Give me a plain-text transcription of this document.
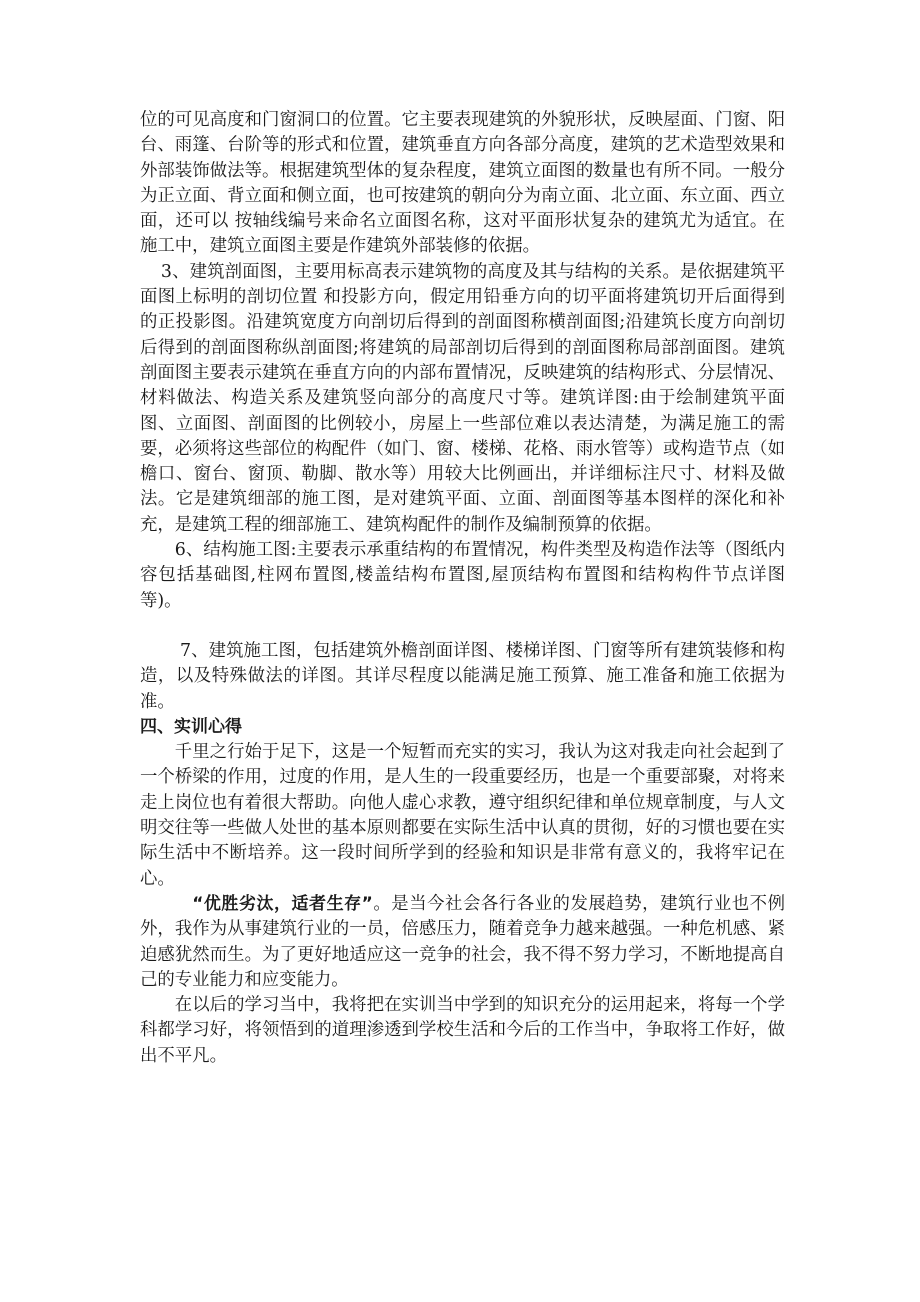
位的可见高度和门窗洞口的位置。它主要表现建筑的外貌形状，反映屋面、门窗、阳台、雨篷、台阶等的形式和位置，建筑垂直方向各部分高度，建筑的艺术造型效果和外部装饰做法等。根据建筑型体的复杂程度，建筑立面图的数量也有所不同。一般分为正立面、背立面和侧立面，也可按建筑的朝向分为南立面、北立面、东立面、西立面，还可以 按轴线编号来命名立面图名称，这对平面形状复杂的建筑尤为适宜。在施工中，建筑立面图主要是作建筑外部装修的依据。

3、建筑剖面图，主要用标高表示建筑物的高度及其与结构的关系。是依据建筑平面图上标明的剖切位置 和投影方向，假定用铅垂方向的切平面将建筑切开后面得到的正投影图。沿建筑宽度方向剖切后得到的剖面图称横剖面图;沿建筑长度方向剖切后得到的剖面图称纵剖面图;将建筑的局部剖切后得到的剖面图称局部剖面图。建筑剖面图主要表示建筑在垂直方向的内部布置情况，反映建筑的结构形式、分层情况、材料做法、构造关系及建筑竖向部分的高度尺寸等。建筑详图:由于绘制建筑平面图、立面图、剖面图的比例较小，房屋上一些部位难以表达清楚，为满足施工的需要，必须将这些部位的构配件（如门、窗、楼梯、花格、雨水管等）或构造节点（如檐口、窗台、窗顶、勒脚、散水等）用较大比例画出，并详细标注尺寸、材料及做法。它是建筑细部的施工图，是对建筑平面、立面、剖面图等基本图样的深化和补充，是建筑工程的细部施工、建筑构配件的制作及编制预算的依据。

6、结构施工图:主要表示承重结构的布置情况，构件类型及构造作法等（图纸内容包括基础图,柱网布置图,楼盖结构布置图,屋顶结构布置图和结构构件节点详图等)。

7、建筑施工图，包括建筑外檐剖面详图、楼梯详图、门窗等所有建筑装修和构造，以及特殊做法的详图。其详尽程度以能满足施工预算、施工准备和施工依据为准。

四、实训心得

千里之行始于足下，这是一个短暂而充实的实习，我认为这对我走向社会起到了一个桥梁的作用，过度的作用，是人生的一段重要经历，也是一个重要部聚，对将来走上岗位也有着很大帮助。向他人虚心求教，遵守组织纪律和单位规章制度，与人文明交往等一些做人处世的基本原则都要在实际生活中认真的贯彻，好的习惯也要在实际生活中不断培养。这一段时间所学到的经验和知识是非常有意义的，我将牢记在心。

“优胜劣汰，适者生存”。是当今社会各行各业的发展趋势，建筑行业也不例外，我作为从事建筑行业的一员，倍感压力，随着竞争力越来越强。一种危机感、紧迫感犹然而生。为了更好地适应这一竞争的社会，我不得不努力学习，不断地提高自己的专业能力和应变能力。

在以后的学习当中，我将把在实训当中学到的知识充分的运用起来，将每一个学科都学习好，将领悟到的道理渗透到学校生活和今后的工作当中，争取将工作好，做出不平凡。
